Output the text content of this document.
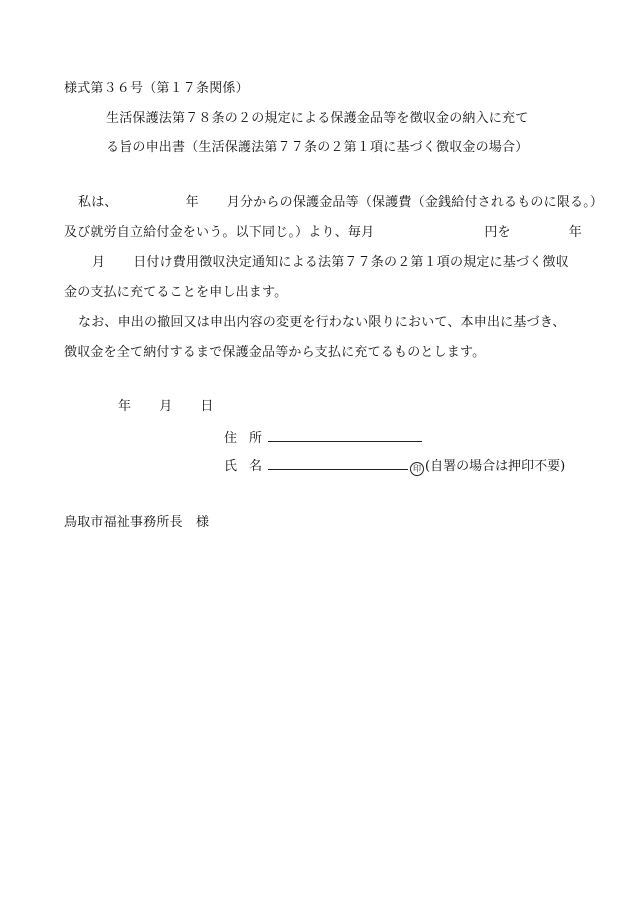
様式第３６号（第１７条関係）
生活保護法第７８条の２の規定による保護金品等を徴収金の納入に充て
る旨の申出書（生活保護法第７７条の２第１項に基づく徴収金の場合）
私は、	年 月分からの保護金品等（保護費（金銭給付されるものに限る。）
及び就労自立給付金をいう。以下同じ。）より、毎月	円を	年
月 日付け費用徴収決定通知による法第７７条の２第１項の規定に基づく徴収
金の支払に充てることを申し出ます。
なお、申出の撤回又は申出内容の変更を行わない限りにおいて、本申出に基づき、
徴収金を全て納付するまで保護金品等から支払に充てるものとします。
年 月 日
住 所
氏 名	印 (自署の場合は押印不要)
鳥取市福祉事務所長　様
